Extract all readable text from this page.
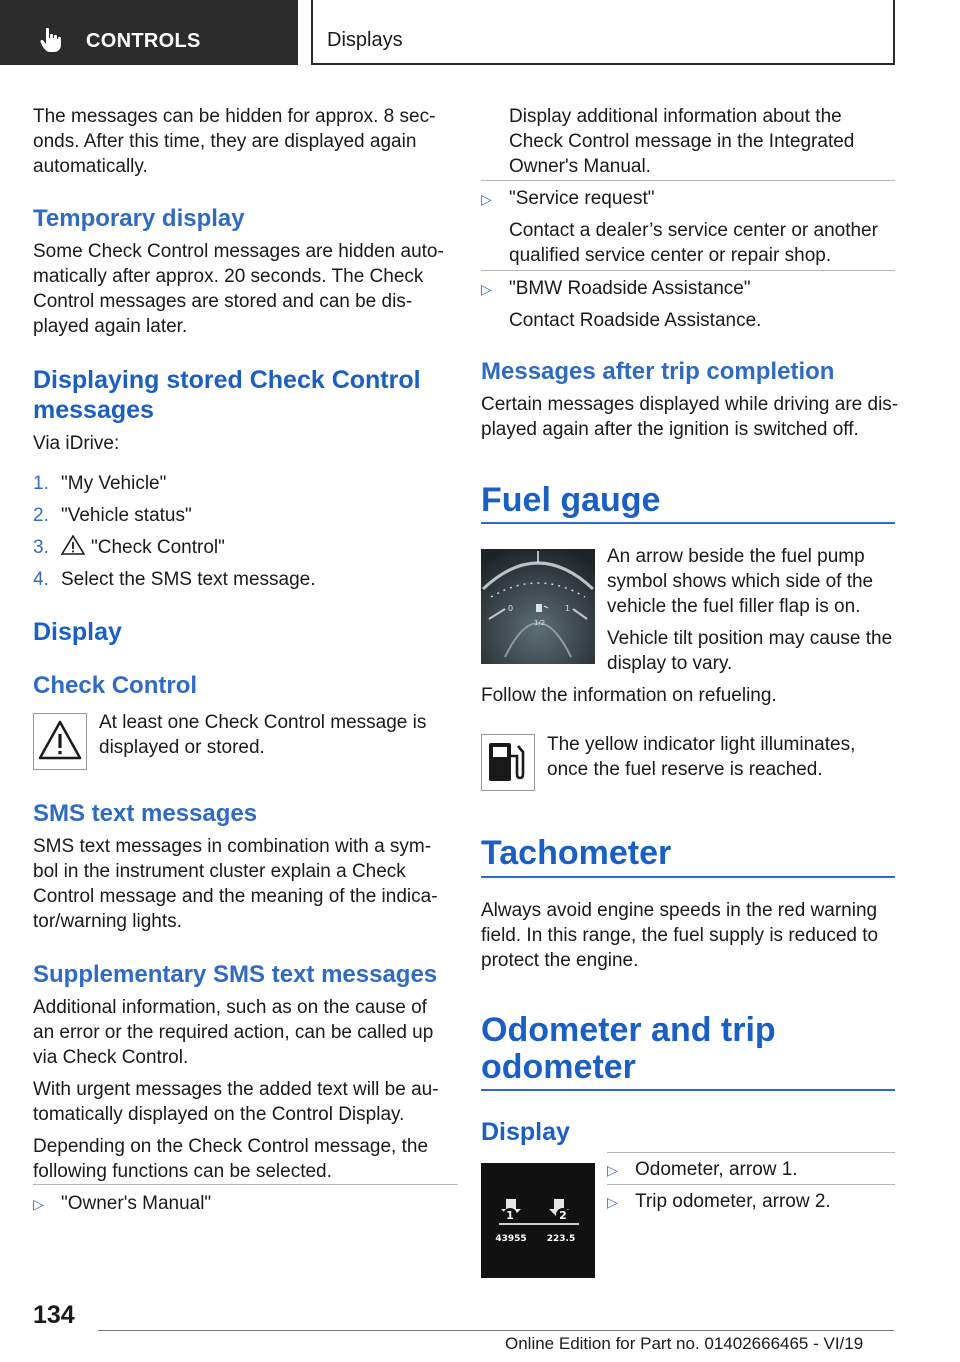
CONTROLS	Displays

The messages can be hidden for approx. 8 sec-

onds. After this time, they are displayed again

automatically.

Temporary display

Some Check Control messages are hidden auto-

matically after approx. 20 seconds. The Check

Control messages are stored and can be dis-

played again later.

Displaying stored Check Control
messages
Via iDrive:

1. "My Vehicle"

2. "Vehicle status"

3. "Check Control"

4. Select the SMS text message.

Display
Check Control

At least one Check Control message is

displayed or stored.

SMS text messages

SMS text messages in combination with a sym-

bol in the instrument cluster explain a Check

Control message and the meaning of the indica-

tor/warning lights.

Supplementary SMS text messages

Additional information, such as on the cause of

an error or the required action, can be called up

via Check Control.

With urgent messages the added text will be au-

tomatically displayed on the Control Display.

Depending on the Check Control message, the

following functions can be selected.

▷ "Owner's Manual"

Display additional information about the

Check Control message in the Integrated

Owner's Manual.

▷ "Service request"

Contact a dealer’s service center or another

qualified service center or repair shop.

▷ "BMW Roadside Assistance"

Contact Roadside Assistance.
Messages after trip completion

Certain messages displayed while driving are dis-

played again after the ignition is switched off.

Fuel gauge
0
1/2
1

An arrow beside the fuel pump

symbol shows which side of the

vehicle the fuel filler flap is on.

Vehicle tilt position may cause the

display to vary.

Follow the information on refueling.

The yellow indicator light illuminates,

once the fuel reserve is reached.

Tachometer

Always avoid engine speeds in the red warning

field. In this range, the fuel supply is reduced to

protect the engine.

Odometer and trip
odometer
Display
1	2
43955 223.5

▷ Odometer, arrow 1.

▷ Trip odometer, arrow 2.

134
Online Edition for Part no. 01402666465 - VI/19
